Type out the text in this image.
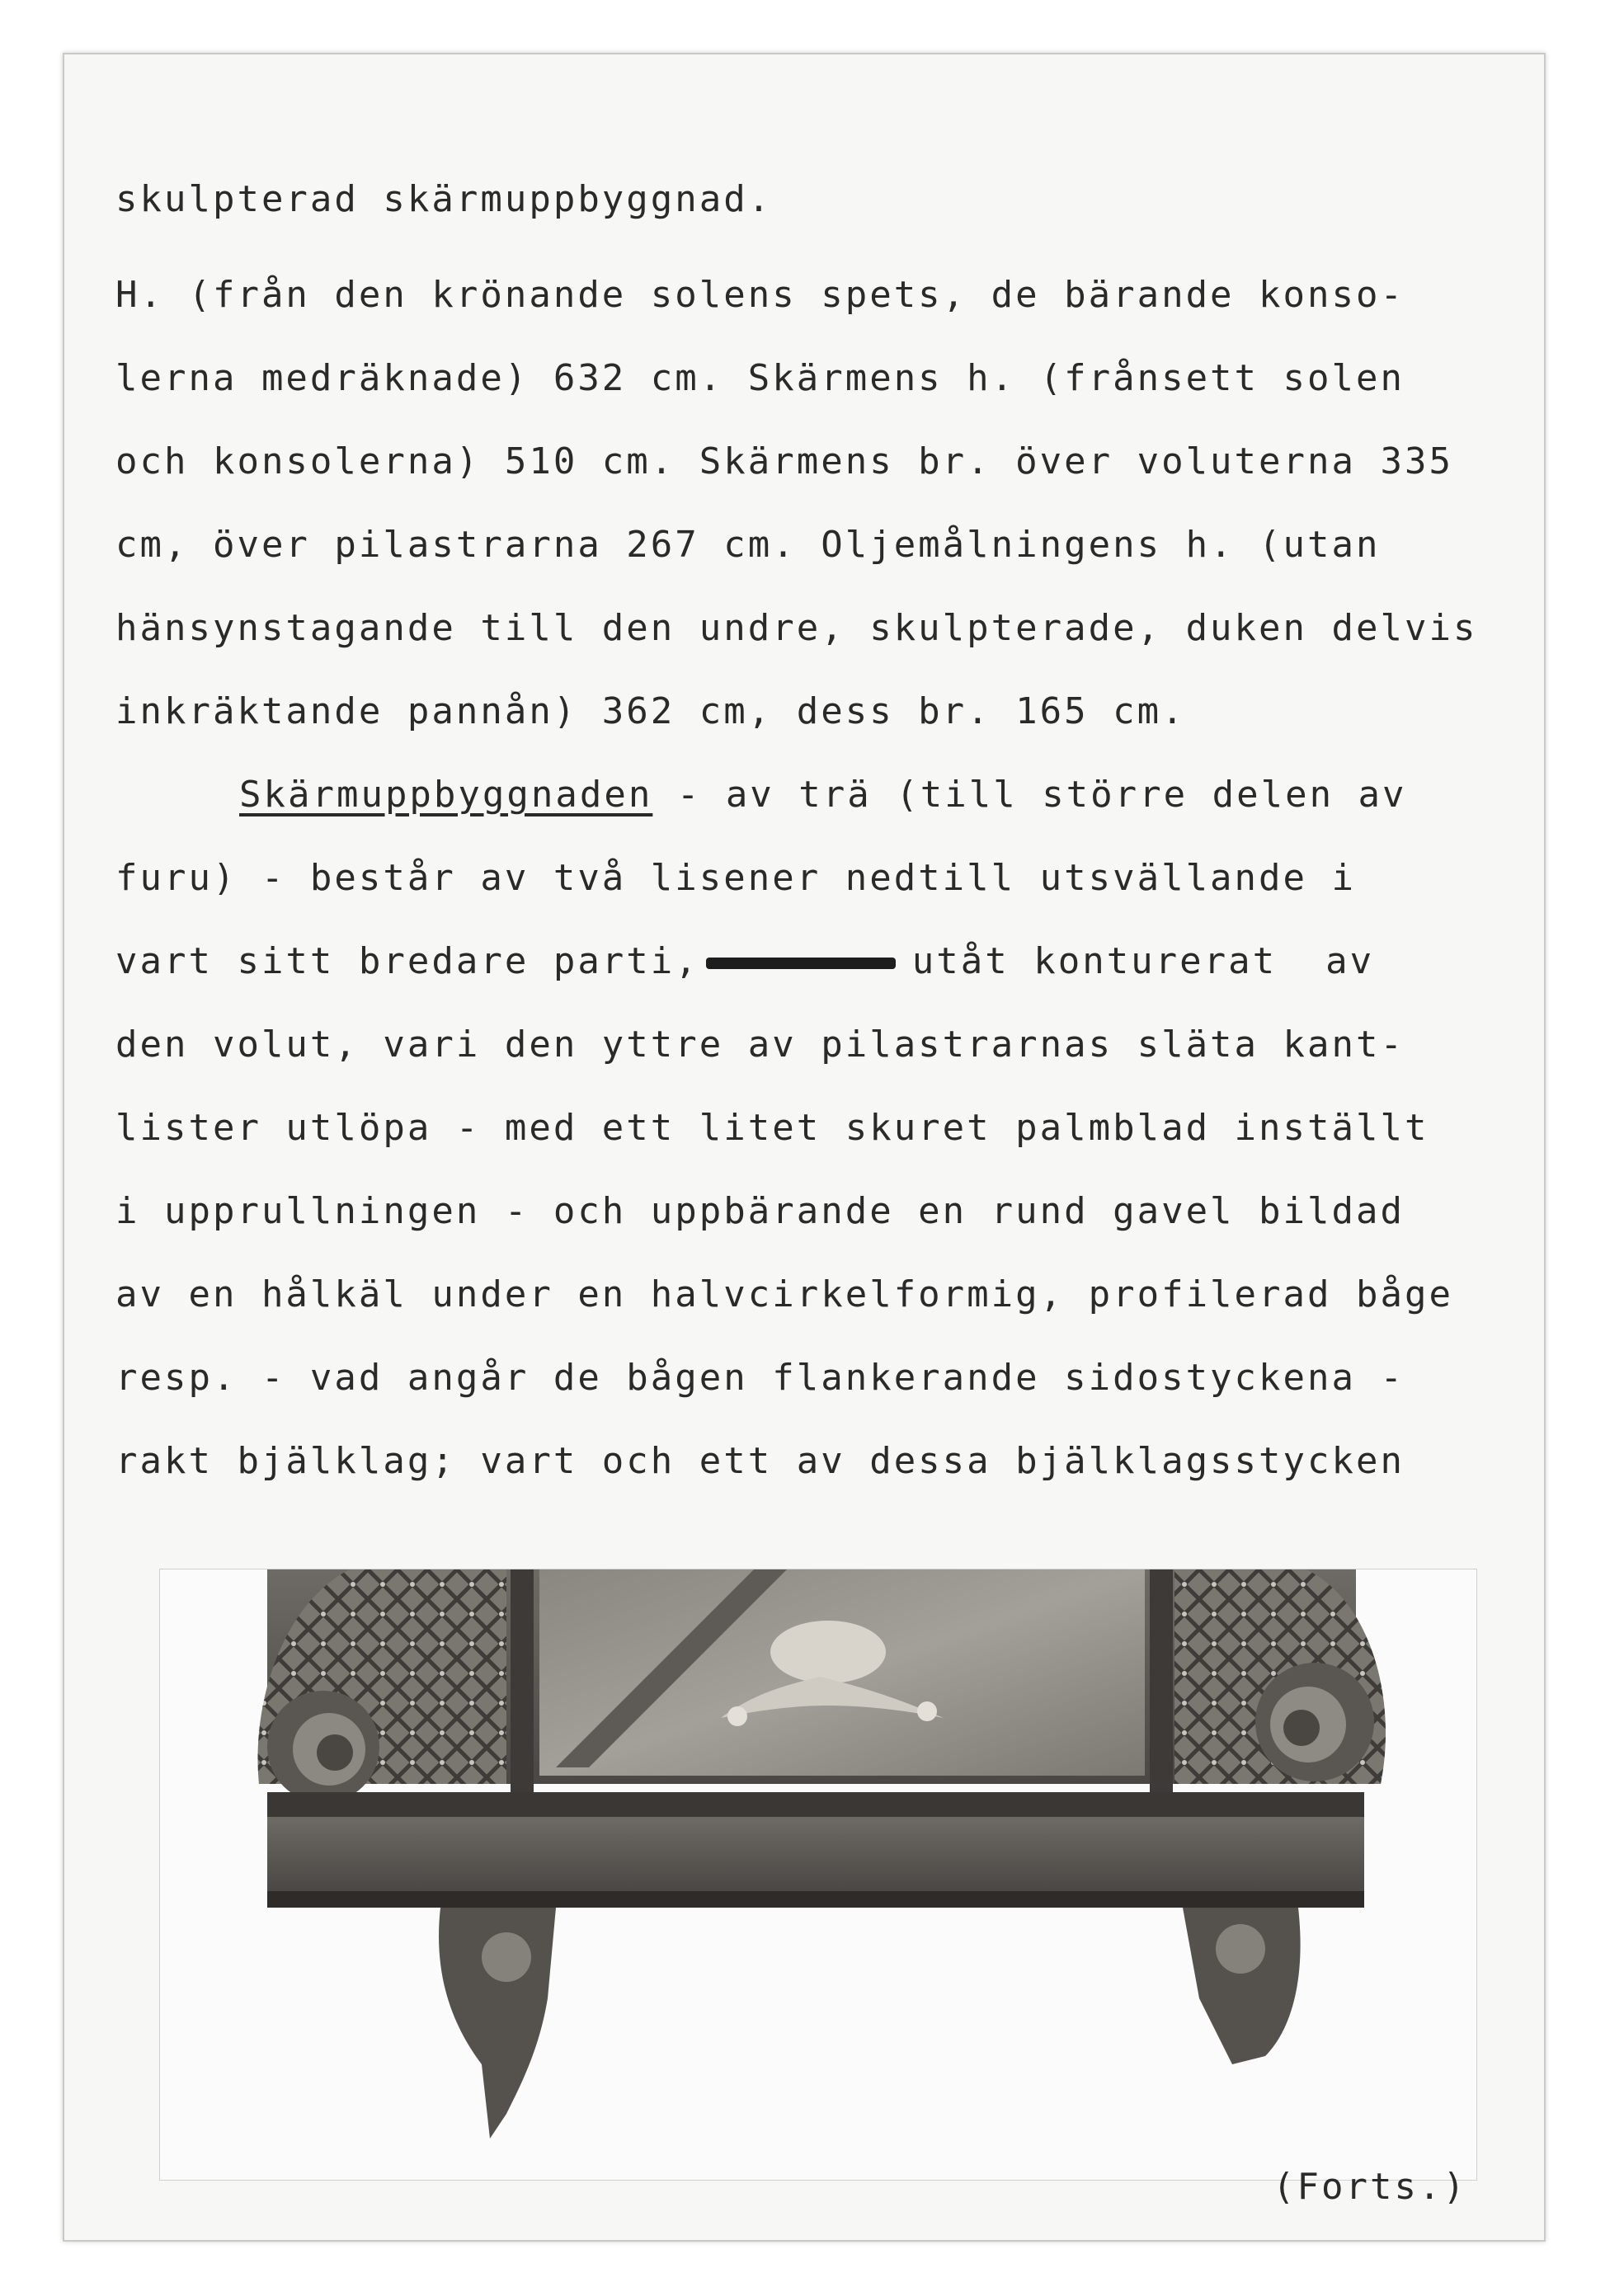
skulpterad skärmuppbyggnad.
H. (från den krönande solens spets, de bärande konso-
lerna medräknade) 632 cm. Skärmens h. (frånsett solen
och konsolerna) 510 cm. Skärmens br. över voluterna 335
cm, över pilastrarna 267 cm. Oljemålningens h. (utan
hänsynstagande till den undre, skulpterade, duken delvis
inkräktande pannån) 362 cm, dess br. 165 cm.
Skärmuppbyggnaden - av trä (till större delen av
furu) - består av två lisener nedtill utsvällande i
vart sitt bredare parti,	utåt konturerat  av
den volut, vari den yttre av pilastrarnas släta kant-
lister utlöpa - med ett litet skuret palmblad inställt
i upprullningen - och uppbärande en rund gavel bildad
av en hålkäl under en halvcirkelformig, profilerad båge
resp. - vad angår de bågen flankerande sidostyckena -
rakt bjälklag; vart och ett av dessa bjälklagsstycken
(Forts.)
